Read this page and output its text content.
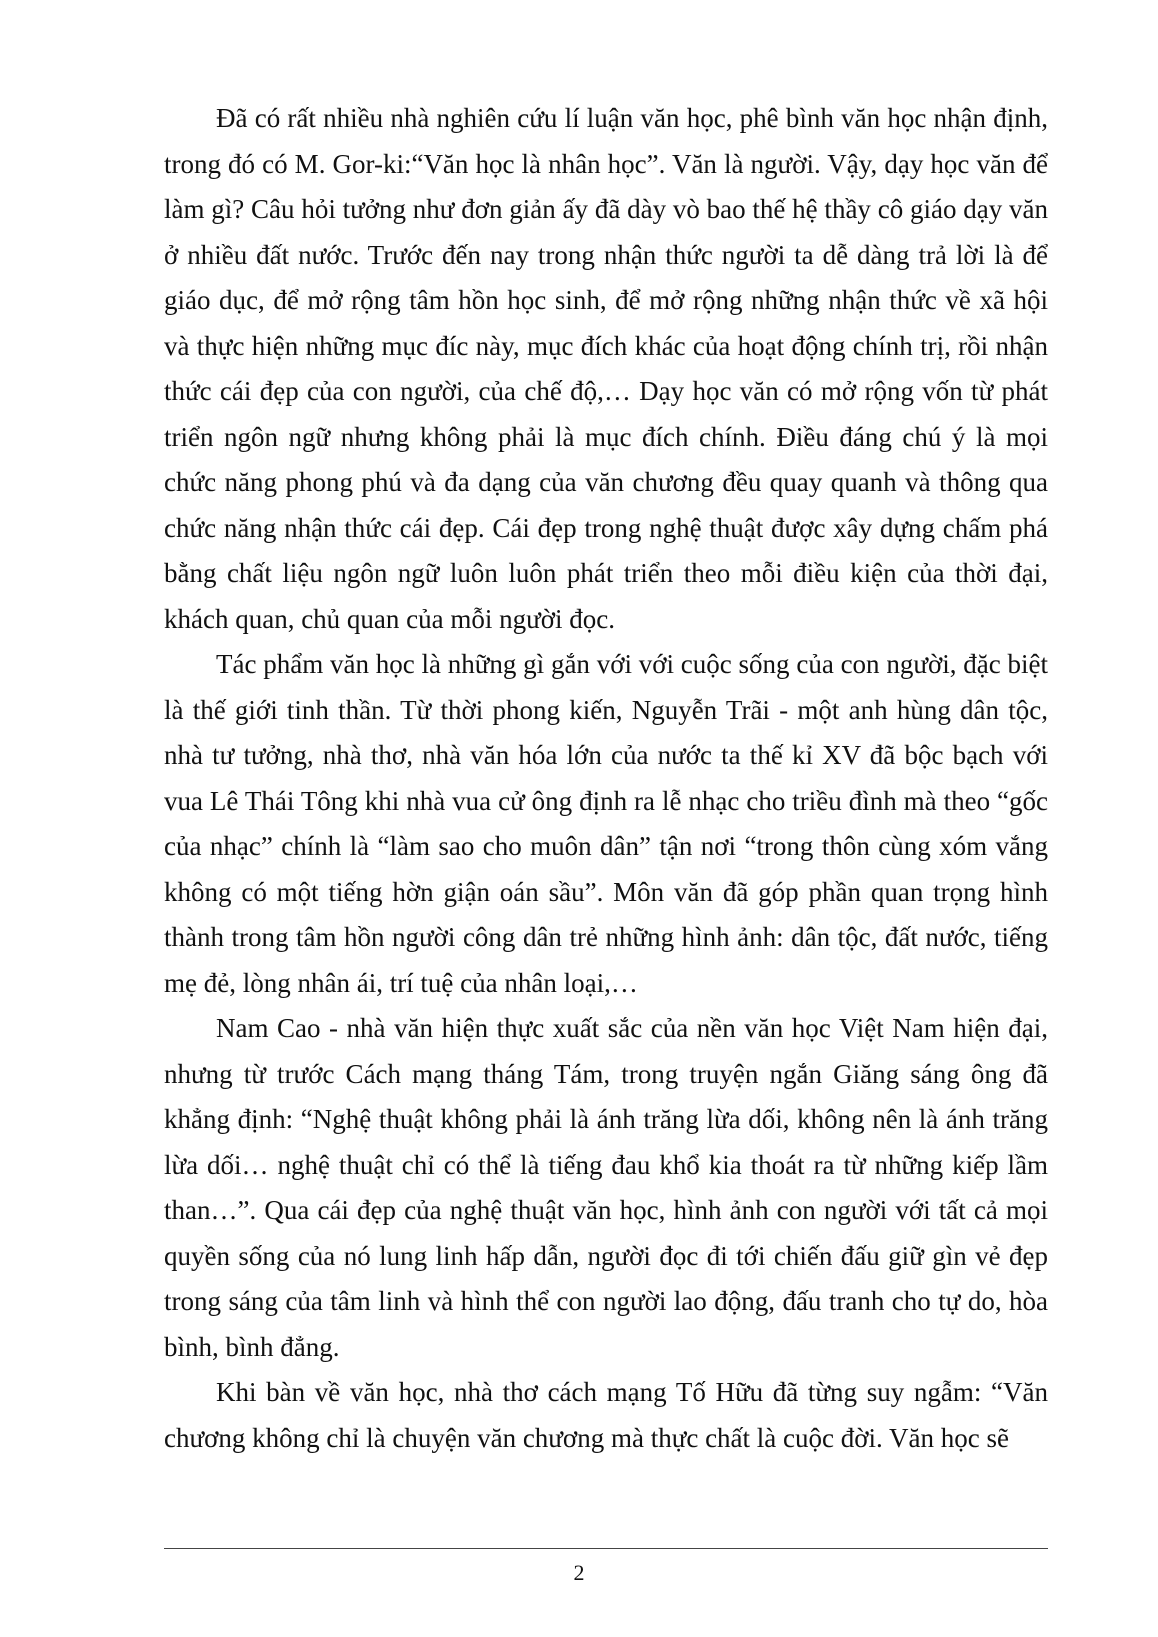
Đã có rất nhiều nhà nghiên cứu lí luận văn học, phê bình văn học nhận định, trong đó có M. Gor-ki:“Văn học là nhân học”. Văn là người. Vậy, dạy học văn để làm gì? Câu hỏi tưởng như đơn giản ấy đã dày vò bao thế hệ thầy cô giáo dạy văn ở nhiều đất nước. Trước đến nay trong nhận thức người ta dễ dàng trả lời là để giáo dục, để mở rộng tâm hồn học sinh, để mở rộng những nhận thức về xã hội và thực hiện những mục đíc này, mục đích khác của hoạt động chính trị, rồi nhận thức cái đẹp của con người, của chế độ,… Dạy học văn có mở rộng vốn từ phát triển ngôn ngữ nhưng không phải là mục đích chính. Điều đáng chú ý là mọi chức năng phong phú và đa dạng của văn chương đều quay quanh và thông qua chức năng nhận thức cái đẹp. Cái đẹp trong nghệ thuật được xây dựng chấm phá bằng chất liệu ngôn ngữ luôn luôn phát triển theo mỗi điều kiện của thời đại, khách quan, chủ quan của mỗi người đọc.

Tác phẩm văn học là những gì gắn với với cuộc sống của con người, đặc biệt là thế giới tinh thần. Từ thời phong kiến, Nguyễn Trãi - một anh hùng dân tộc, nhà tư tưởng, nhà thơ, nhà văn hóa lớn của nước ta thế kỉ XV đã bộc bạch với vua Lê Thái Tông khi nhà vua cử ông định ra lễ nhạc cho triều đình mà theo “gốc của nhạc” chính là “làm sao cho muôn dân” tận nơi “trong thôn cùng xóm vắng không có một tiếng hờn giận oán sầu”. Môn văn đã góp phần quan trọng hình thành trong tâm hồn người công dân trẻ những hình ảnh: dân tộc, đất nước, tiếng mẹ đẻ, lòng nhân ái, trí tuệ của nhân loại,…

Nam Cao - nhà văn hiện thực xuất sắc của nền văn học Việt Nam hiện đại, nhưng từ trước Cách mạng tháng Tám, trong truyện ngắn Giăng sáng ông đã khẳng định: “Nghệ thuật không phải là ánh trăng lừa dối, không nên là ánh trăng lừa dối… nghệ thuật chỉ có thể là tiếng đau khổ kia thoát ra từ những kiếp lầm than…”. Qua cái đẹp của nghệ thuật văn học, hình ảnh con người với tất cả mọi quyền sống của nó lung linh hấp dẫn, người đọc đi tới chiến đấu giữ gìn vẻ đẹp trong sáng của tâm linh và hình thể con người lao động, đấu tranh cho tự do, hòa bình, bình đẳng.

Khi bàn về văn học, nhà thơ cách mạng Tố Hữu đã từng suy ngẫm: “Văn chương không chỉ là chuyện văn chương mà thực chất là cuộc đời. Văn học sẽ

2
